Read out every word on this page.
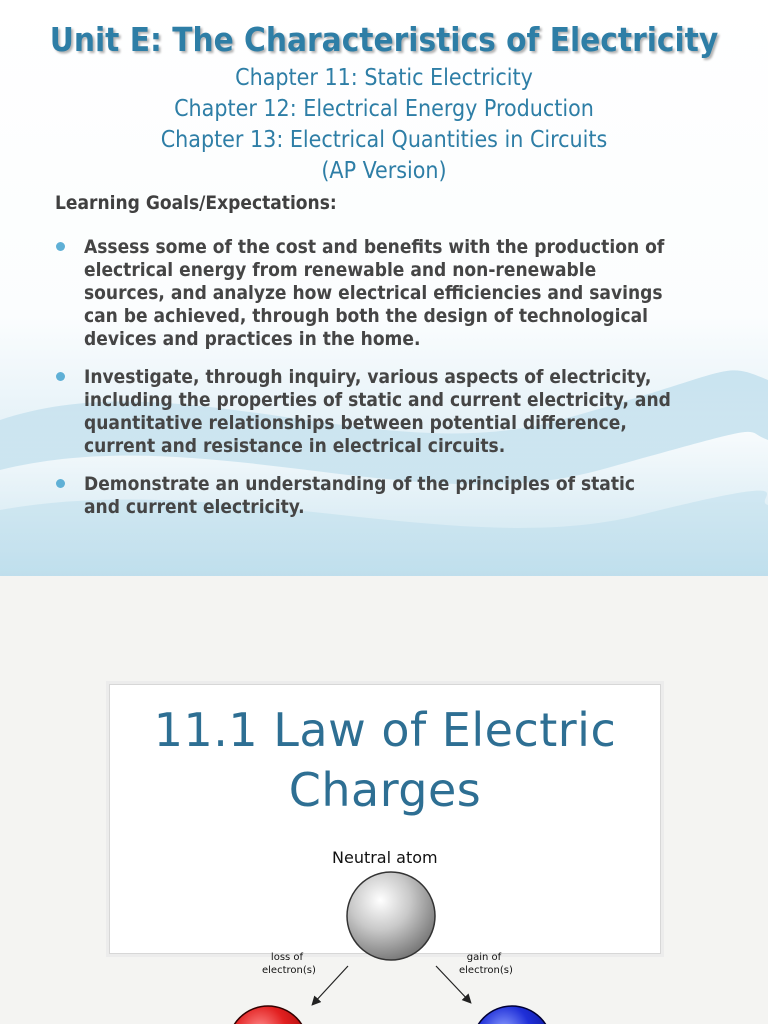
Unit E: The Characteristics of Electricity
Chapter 11: Static Electricity
Chapter 12: Electrical Energy Production
Chapter 13: Electrical Quantities in Circuits
(AP Version)
Learning Goals/Expectations:
Assess some of the cost and benefits with the production of
electrical energy from renewable and non-renewable
sources, and analyze how electrical efficiencies and savings
can be achieved, through both the design of technological
devices and practices in the home.
Investigate, through inquiry, various aspects of electricity,
including the properties of static and current electricity, and
quantitative relationships between potential difference,
current and resistance in electrical circuits.
Demonstrate an understanding of the principles of static
and current electricity.
11.1 Law of Electric
Charges
Neutral atom
loss of
electron(s)
gain of
electron(s)
